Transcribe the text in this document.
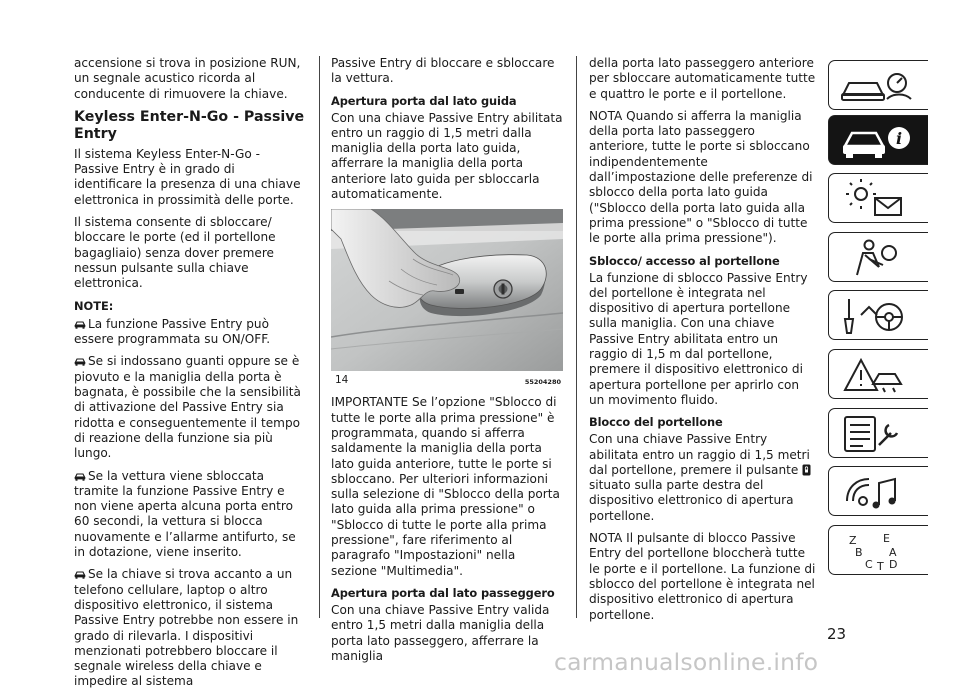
accensione si trova in posizione RUN, un segnale acustico ricorda al conducente di rimuovere la chiave.

Keyless Enter-N-Go - Passive Entry

Il sistema Keyless Enter-N-Go - Passive Entry è in grado di identificare la presenza di una chiave elettronica in prossimità delle porte.

Il sistema consente di sbloccare/ bloccare le porte (ed il portellone bagagliaio) senza dover premere nessun pulsante sulla chiave elettronica.

NOTE:

La funzione Passive Entry può essere programmata su ON/OFF.

Se si indossano guanti oppure se è piovuto e la maniglia della porta è bagnata, è possibile che la sensibilità di attivazione del Passive Entry sia ridotta e conseguentemente il tempo di reazione della funzione sia più lungo.

Se la vettura viene sbloccata tramite la funzione Passive Entry e non viene aperta alcuna porta entro 60 secondi, la vettura si blocca nuovamente e l’allarme antifurto, se in dotazione, viene inserito.

Se la chiave si trova accanto a un telefono cellulare, laptop o altro dispositivo elettronico, il sistema Passive Entry potrebbe non essere in grado di rilevarla. I dispositivi menzionati potrebbero bloccare il segnale wireless della chiave e impedire al sistema

Passive Entry di bloccare e sbloccare la vettura.

Apertura porta dal lato guida

Con una chiave Passive Entry abilitata entro un raggio di 1,5 metri dalla maniglia della porta lato guida, afferrare la maniglia della porta anteriore lato guida per sbloccarla automaticamente.

14	55204280

IMPORTANTE Se l’opzione "Sblocco di tutte le porte alla prima pressione" è programmata, quando si afferra saldamente la maniglia della porta lato guida anteriore, tutte le porte si sbloccano. Per ulteriori informazioni sulla selezione di "Sblocco della porta lato guida alla prima pressione" o "Sblocco di tutte le porte alla prima pressione", fare riferimento al paragrafo "Impostazioni" nella sezione "Multimedia".

Apertura porta dal lato passeggero

Con una chiave Passive Entry valida entro 1,5 metri dalla maniglia della porta lato passeggero, afferrare la maniglia

della porta lato passeggero anteriore per sbloccare automaticamente tutte e quattro le porte e il portellone.

NOTA Quando si afferra la maniglia della porta lato passeggero anteriore, tutte le porte si sbloccano indipendentemente dall’impostazione delle preferenze di sblocco della porta lato guida ("Sblocco della porta lato guida alla prima pressione" o "Sblocco di tutte le porte alla prima pressione").

Sblocco/ accesso al portellone

La funzione di sblocco Passive Entry del portellone è integrata nel dispositivo di apertura portellone sulla maniglia. Con una chiave Passive Entry abilitata entro un raggio di 1,5 m dal portellone, premere il dispositivo elettronico di apertura portellone per aprirlo con un movimento fluido.

Blocco del portellone

Con una chiave Passive Entry abilitata entro un raggio di 1,5 metri dal portellone, premere il pulsante  situato sulla parte destra del dispositivo elettronico di apertura portellone.

NOTA Il pulsante di blocco Passive Entry del portellone bloccherà tutte le porte e il portellone. La funzione di sblocco del portellone è integrata nel dispositivo elettronico di apertura portellone.

i
Z E
B A
C T D
23
carmanualsonline.info
